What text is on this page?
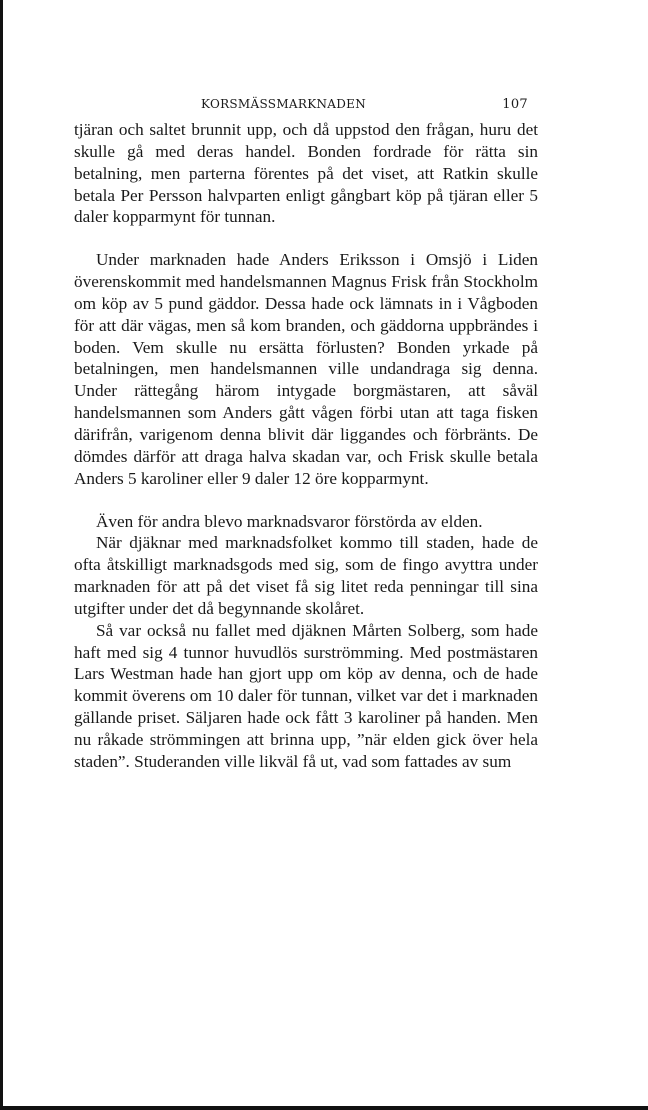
KORSMÄSSMARKNADEN	107

tjäran och saltet brunnit upp, och då uppstod den frågan, huru det skulle gå med deras handel. Bonden fordrade för rätta sin betalning, men parterna förentes på det viset, att Ratkin skulle betala Per Persson halvparten enligt gångbart köp på tjäran eller 5 daler kopparmynt för tunnan.

Under marknaden hade Anders Eriksson i Omsjö i Liden överenskommit med handelsmannen Magnus Frisk från Stockholm om köp av 5 pund gäddor. Dessa hade ock lämnats in i Vågboden för att där vägas, men så kom branden, och gäddorna uppbrändes i boden. Vem skulle nu ersätta förlusten? Bonden yrkade på betalningen, men handelsmannen ville undandraga sig denna. Under rättegång härom intygade borgmästaren, att såväl handelsmannen som Anders gått vågen förbi utan att taga fisken därifrån, varigenom denna blivit där liggandes och förbränts. De dömdes därför att draga halva skadan var, och Frisk skulle betala Anders 5 karoliner eller 9 daler 12 öre kopparmynt.

Även för andra blevo marknadsvaror förstörda av elden.

När djäknar med marknadsfolket kommo till staden, hade de ofta åtskilligt marknadsgods med sig, som de fingo avyttra under marknaden för att på det viset få sig litet reda penningar till sina utgifter under det då begynnande skolåret.

Så var också nu fallet med djäknen Mårten Solberg, som hade haft med sig 4 tunnor huvudlös surströmming. Med postmästaren Lars Westman hade han gjort upp om köp av denna, och de hade kommit överens om 10 daler för tunnan, vilket var det i marknaden gällande priset. Säljaren hade ock fått 3 karoliner på handen. Men nu råkade strömmingen att brinna upp, ”när elden gick över hela staden”. Studeranden ville likväl få ut, vad som fattades av sum
